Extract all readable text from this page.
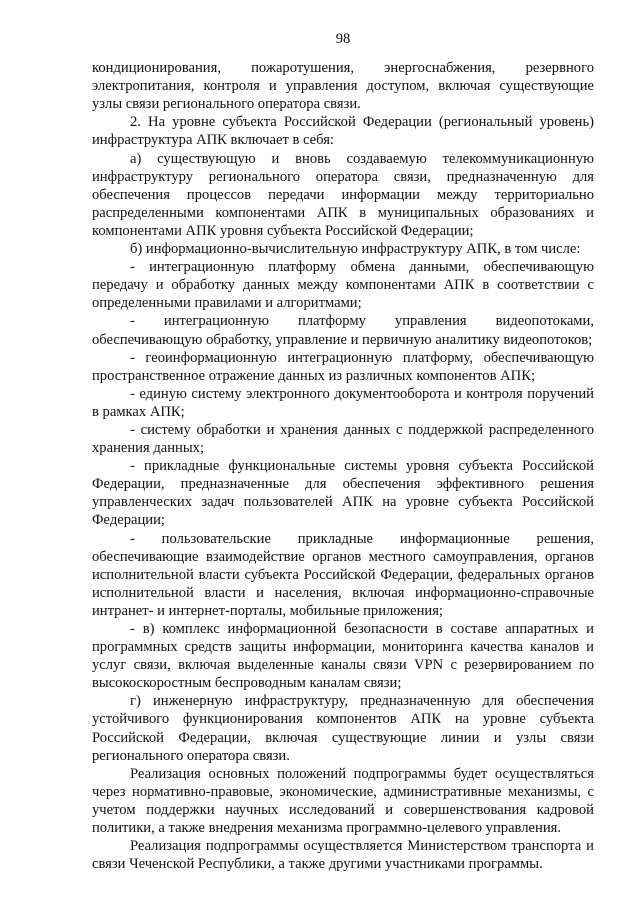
98

кондиционирования, пожаротушения, энергоснабжения, резервного электропитания, контроля и управления доступом, включая существующие узлы связи регионального оператора связи.

2. На уровне субъекта Российской Федерации (региональный уровень) инфраструктура АПК включает в себя:

а) существующую и вновь создаваемую телекоммуникационную инфраструктуру регионального оператора связи, предназначенную для обеспечения процессов передачи информации между территориально распределенными компонентами АПК в муниципальных образованиях и компонентами АПК уровня субъекта Российской Федерации;

б) информационно-вычислительную инфраструктуру АПК, в том числе:

- интеграционную платформу обмена данными, обеспечивающую передачу и обработку данных между компонентами АПК в соответствии с определенными правилами и алгоритмами;

- интеграционную платформу управления видеопотоками, обеспечивающую обработку, управление и первичную аналитику видеопотоков;

- геоинформационную интеграционную платформу, обеспечивающую пространственное отражение данных из различных компонентов АПК;

- единую систему электронного документооборота и контроля поручений в рамках АПК;

- систему обработки и хранения данных с поддержкой распределенного хранения данных;

- прикладные функциональные системы уровня субъекта Российской Федерации, предназначенные для обеспечения эффективного решения управленческих задач пользователей АПК на уровне субъекта Российской Федерации;

- пользовательские прикладные информационные решения, обеспечивающие взаимодействие органов местного самоуправления, органов исполнительной власти субъекта Российской Федерации, федеральных органов исполнительной власти и населения, включая информационно-справочные интранет- и интернет-порталы, мобильные приложения;

- в) комплекс информационной безопасности в составе аппаратных и программных средств защиты информации, мониторинга качества каналов и услуг связи, включая выделенные каналы связи VPN с резервированием по высокоскоростным беспроводным каналам связи;

г) инженерную инфраструктуру, предназначенную для обеспечения устойчивого функционирования компонентов АПК на уровне субъекта Российской Федерации, включая существующие линии и узлы связи регионального оператора связи.

Реализация основных положений подпрограммы будет осуществляться через нормативно-правовые, экономические, административные механизмы, с учетом поддержки научных исследований и совершенствования кадровой политики, а также внедрения механизма программно-целевого управления.

Реализация подпрограммы осуществляется Министерством транспорта и связи Чеченской Республики, а также другими участниками программы.
